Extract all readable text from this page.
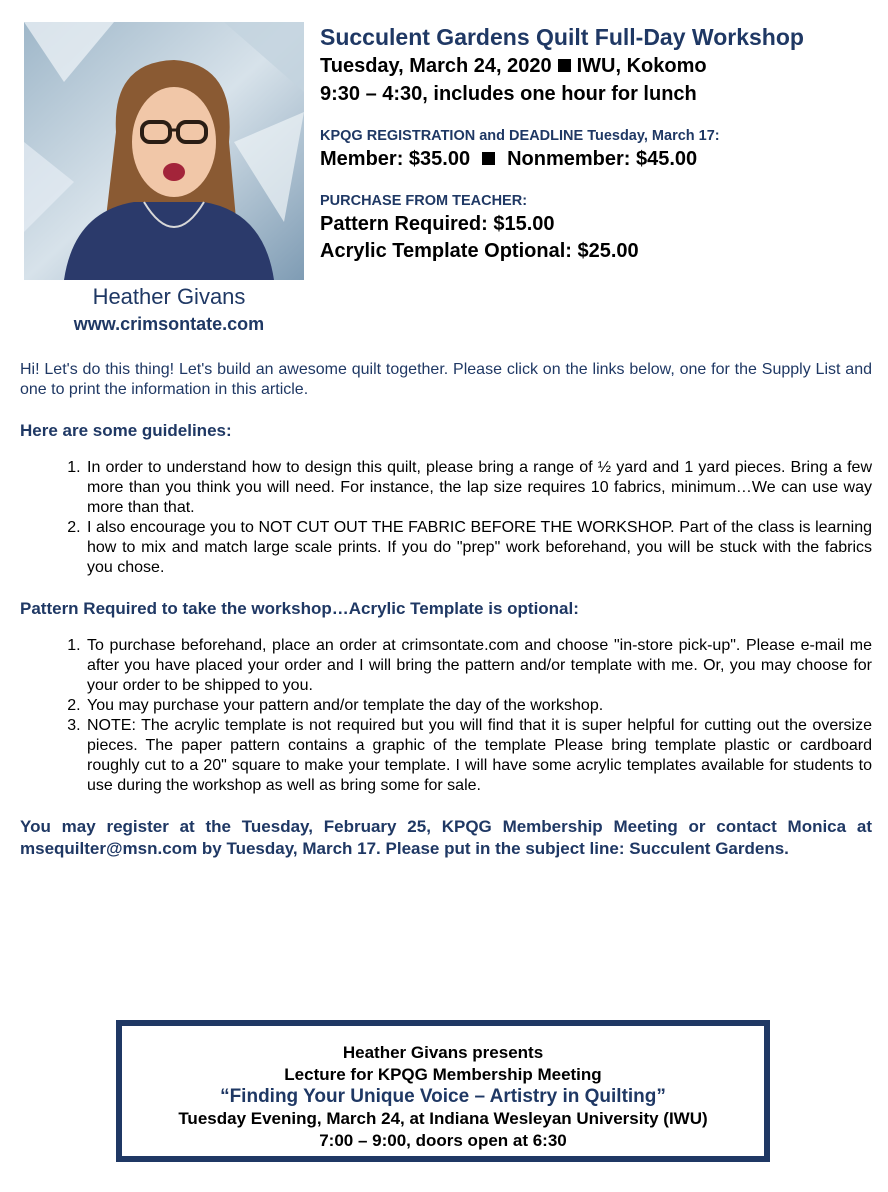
Heather Givans
www.crimsontate.com

Succulent Gardens Quilt Full-Day Workshop

Tuesday, March 24, 2020 IWU, Kokomo

9:30 – 4:30, includes one hour for lunch

KPQG REGISTRATION and DEADLINE Tuesday, March 17:

Member: $35.00 Nonmember: $45.00

PURCHASE FROM TEACHER:

Pattern Required: $15.00

Acrylic Template Optional: $25.00

Hi! Let's do this thing! Let's build an awesome quilt together. Please click on the links below, one for the Supply List and one to print the information in this article.

Here are some guidelines:

1. In order to understand how to design this quilt, please bring a range of ½ yard and 1 yard pieces. Bring a few more than you think you will need. For instance, the lap size requires 10 fabrics, minimum…We can use way more than that.
2. I also encourage you to NOT CUT OUT THE FABRIC BEFORE THE WORKSHOP. Part of the class is learning how to mix and match large scale prints. If you do "prep" work beforehand, you will be stuck with the fabrics you chose.

Pattern Required to take the workshop…Acrylic Template is optional:

1. To purchase beforehand, place an order at crimsontate.com and choose "in-store pick-up". Please e-mail me after you have placed your order and I will bring the pattern and/or template with me. Or, you may choose for your order to be shipped to you.
2. You may purchase your pattern and/or template the day of the workshop.
3. NOTE: The acrylic template is not required but you will find that it is super helpful for cutting out the oversize pieces. The paper pattern contains a graphic of the template Please bring template plastic or cardboard roughly cut to a 20" square to make your template. I will have some acrylic templates available for students to use during the workshop as well as bring some for sale.

You may register at the Tuesday, February 25, KPQG Membership Meeting or contact Monica at msequilter@msn.com by Tuesday, March 17. Please put in the subject line: Succulent Gardens.

Heather Givans presents

Lecture for KPQG Membership Meeting

“Finding Your Unique Voice – Artistry in Quilting”

Tuesday Evening, March 24, at Indiana Wesleyan University (IWU)

7:00 – 9:00, doors open at 6:30
